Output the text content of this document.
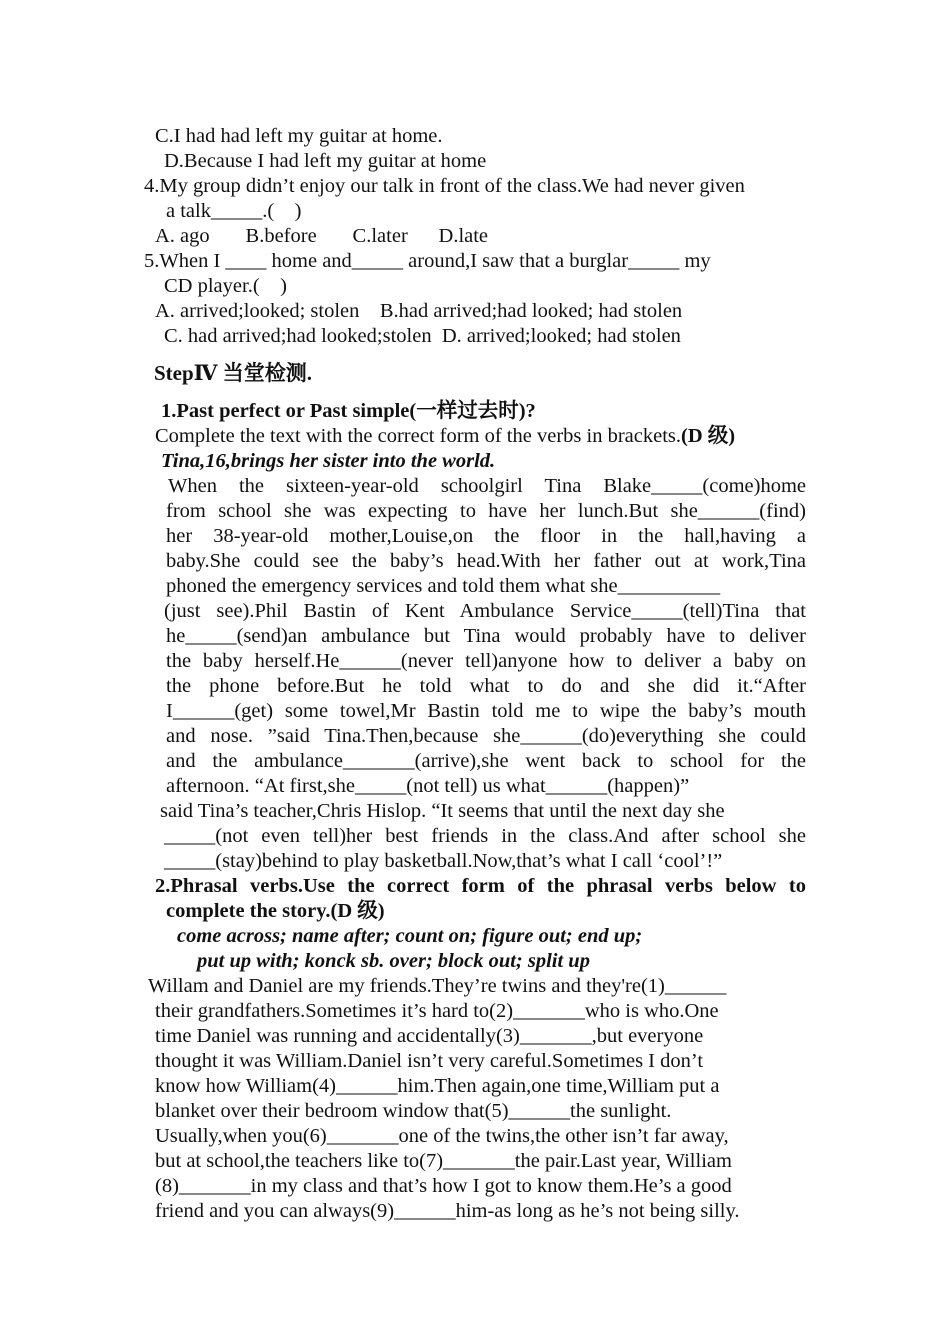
C.I had had left my guitar at home.
D.Because I had left my guitar at home
4.My group didn’t enjoy our talk in front of the class.We had never given
a talk_____.(    )
A. ago       B.before       C.later      D.late
5.When I ____ home and_____ around,I saw that a burglar_____ my
CD player.(    )
A. arrived;looked; stolen    B.had arrived;had looked; had stolen
C. had arrived;had looked;stolen  D. arrived;looked; had stolen
StepⅣ 当堂检测.
1.Past perfect or Past simple(一样过去时)?
Complete the text with the correct form of the verbs in brackets.(D 级)
Tina,16,brings her sister into the world.
When the sixteen-year-old schoolgirl Tina Blake_____(come)home
from school she was expecting to have her lunch.But she______(find)
her 38-year-old mother,Louise,on the floor in the hall,having a
baby.She could see the baby’s head.With her father out at work,Tina
phoned the emergency services and told them what she__________
(just see).Phil Bastin of Kent Ambulance Service_____(tell)Tina that
he_____(send)an ambulance but Tina would probably have to deliver
the baby herself.He______(never tell)anyone how to deliver a baby on
the phone before.But he told what to do and she did it.“After
I______(get) some towel,Mr Bastin told me to wipe the baby’s mouth
and nose. ”said Tina.Then,because she______(do)everything she could
and the ambulance_______(arrive),she went back to school for the
afternoon. “At first,she_____(not tell) us what______(happen)”
said Tina’s teacher,Chris Hislop. “It seems that until the next day she
_____(not even tell)her best friends in the class.And after school she
_____(stay)behind to play basketball.Now,that’s what I call ‘cool’!”
2.Phrasal verbs.Use the correct form of the phrasal verbs below to
complete the story.(D 级)
come across; name after; count on; figure out; end up;
put up with; konck sb. over; block out; split up
Willam and Daniel are my friends.They’re twins and they're(1)______
their grandfathers.Sometimes it’s hard to(2)_______who is who.One
time Daniel was running and accidentally(3)_______,but everyone
thought it was William.Daniel isn’t very careful.Sometimes I don’t
know how William(4)______him.Then again,one time,William put a
blanket over their bedroom window that(5)______the sunlight.
Usually,when you(6)_______one of the twins,the other isn’t far away,
but at school,the teachers like to(7)_______the pair.Last year, William
(8)_______in my class and that’s how I got to know them.He’s a good
friend and you can always(9)______him-as long as he’s not being silly.
